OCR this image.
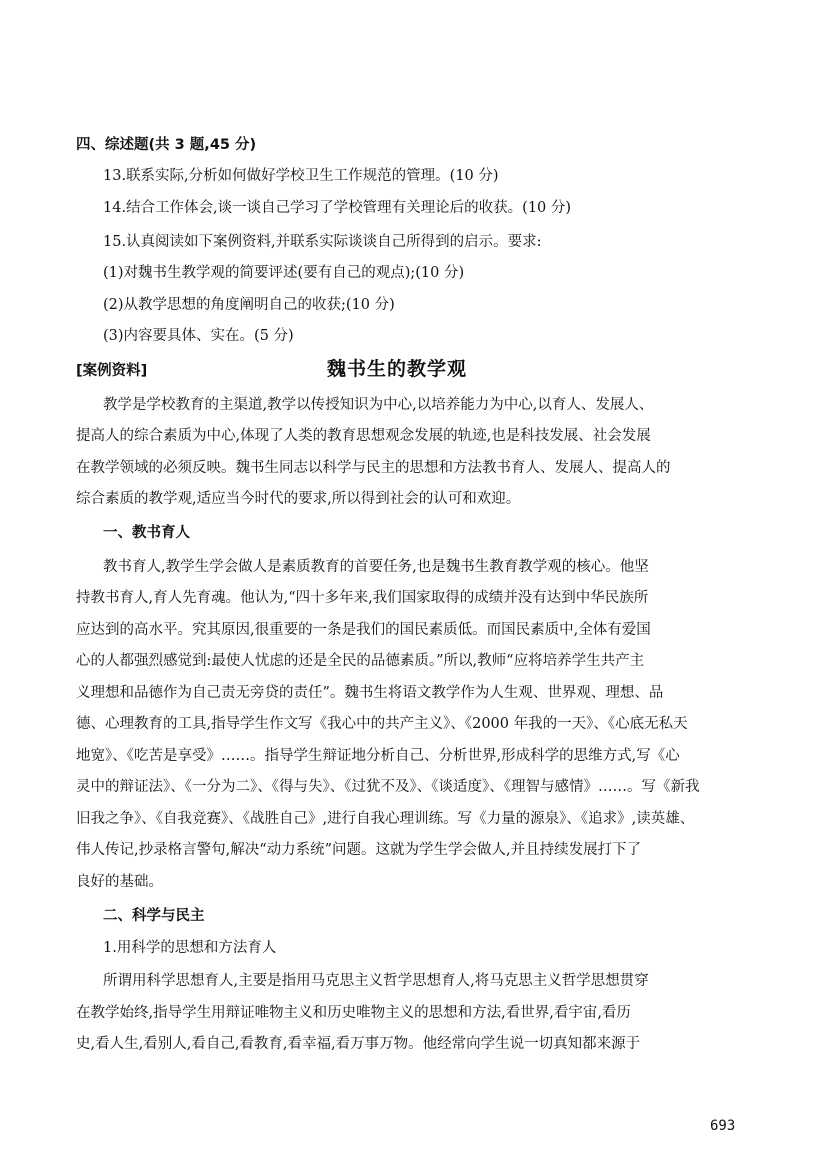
四、综述题(共 3 题,45 分)
13.联系实际,分析如何做好学校卫生工作规范的管理。(10 分)
14.结合工作体会,谈一谈自己学习了学校管理有关理论后的收获。(10 分)
15.认真阅读如下案例资料,并联系实际谈谈自己所得到的启示。要求:
(1)对魏书生教学观的简要评述(要有自己的观点);(10 分)
(2)从教学思想的角度阐明自己的收获;(10 分)
(3)内容要具体、实在。(5 分)
[案例资料]	魏书生的教学观
教学是学校教育的主渠道,教学以传授知识为中心,以培养能力为中心,以育人、发展人、
提高人的综合素质为中心,体现了人类的教育思想观念发展的轨迹,也是科技发展、社会发展
在教学领域的必须反映。魏书生同志以科学与民主的思想和方法教书育人、发展人、提高人的
综合素质的教学观,适应当今时代的要求,所以得到社会的认可和欢迎。
一、教书育人
教书育人,教学生学会做人是素质教育的首要任务,也是魏书生教育教学观的核心。他坚
持教书育人,育人先育魂。他认为,“四十多年来,我们国家取得的成绩并没有达到中华民族所
应达到的高水平。究其原因,很重要的一条是我们的国民素质低。而国民素质中,全体有爱国
心的人都强烈感觉到:最使人忧虑的还是全民的品德素质。”所以,教师“应将培养学生共产主
义理想和品德作为自己责无旁贷的责任”。魏书生将语文教学作为人生观、世界观、理想、品
德、心理教育的工具,指导学生作文写《我心中的共产主义》、《2000 年我的一天》、《心底无私天
地宽》、《吃苦是享受》……。指导学生辩证地分析自己、分析世界,形成科学的思维方式,写《心
灵中的辩证法》、《一分为二》、《得与失》、《过犹不及》、《谈适度》、《理智与感情》……。写《新我
旧我之争》、《自我竞赛》、《战胜自己》,进行自我心理训练。写《力量的源泉》、《追求》,读英雄、
伟人传记,抄录格言警句,解决“动力系统”问题。这就为学生学会做人,并且持续发展打下了
良好的基础。
二、科学与民主
1.用科学的思想和方法育人
所谓用科学思想育人,主要是指用马克思主义哲学思想育人,将马克思主义哲学思想贯穿
在教学始终,指导学生用辩证唯物主义和历史唯物主义的思想和方法,看世界,看宇宙,看历
史,看人生,看别人,看自己,看教育,看幸福,看万事万物。他经常向学生说一切真知都来源于
693
